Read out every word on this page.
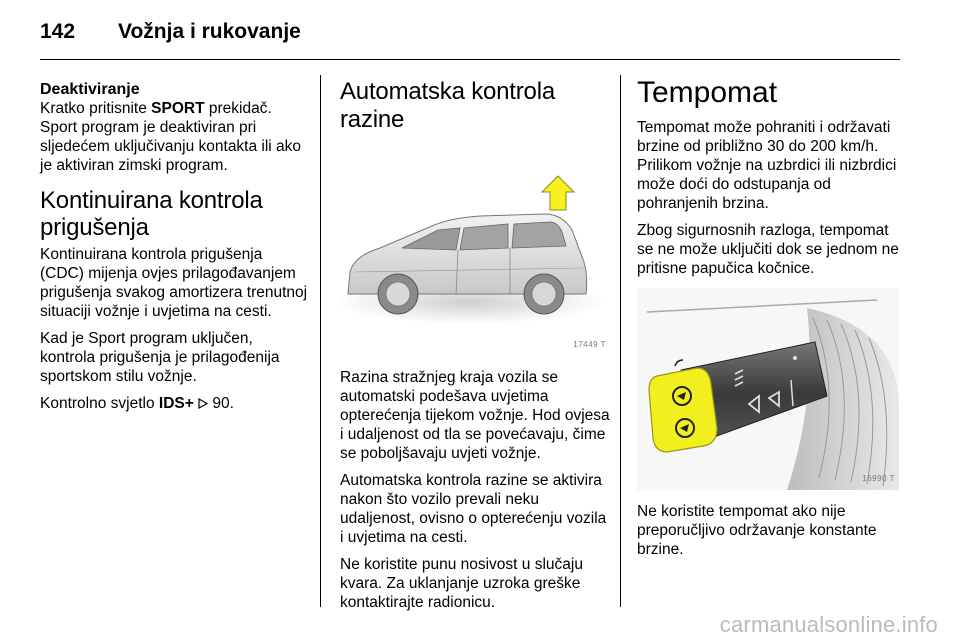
142 Vožnja i rukovanje
Deaktiviranje

Kratko pritisnite SPORT prekidač. Sport program je deaktiviran pri sljedećem uključivanju kontakta ili ako je aktiviran zimski program.

Kontinuirana kontrola prigušenja

Kontinuirana kontrola prigušenja (CDC) mijenja ovjes prilagođavanjem prigušenja svakog amortizera trenutnoj situaciji vožnje i uvjetima na cesti.

Kad je Sport program uključen, kontrola prigušenja je prilagođenija sportskom stilu vožnje.

Kontrolno svjetlo IDS+  90.

Automatska kontrola razine
17449 T

Razina stražnjeg kraja vozila se automatski podešava uvjetima opterećenja tijekom vožnje. Hod ovjesa i udaljenost od tla se povećavaju, čime se poboljšavaju uvjeti vožnje.

Automatska kontrola razine se aktivira nakon što vozilo prevali neku udaljenost, ovisno o opterećenju vozila i uvjetima na cesti.

Ne koristite punu nosivost u slučaju kvara. Za uklanjanje uzroka greške kontaktirajte radionicu.

Tempomat

Tempomat može pohraniti i održavati brzine od približno 30 do 200 km/h. Prilikom vožnje na uzbrdici ili nizbrdici može doći do odstupanja od pohranjenih brzina.

Zbog sigurnosnih razloga, tempomat se ne može uključiti dok se jednom ne pritisne papučica kočnice.

16990 T

Ne koristite tempomat ako nije preporučljivo održavanje konstante brzine.

carmanualsonline.info
